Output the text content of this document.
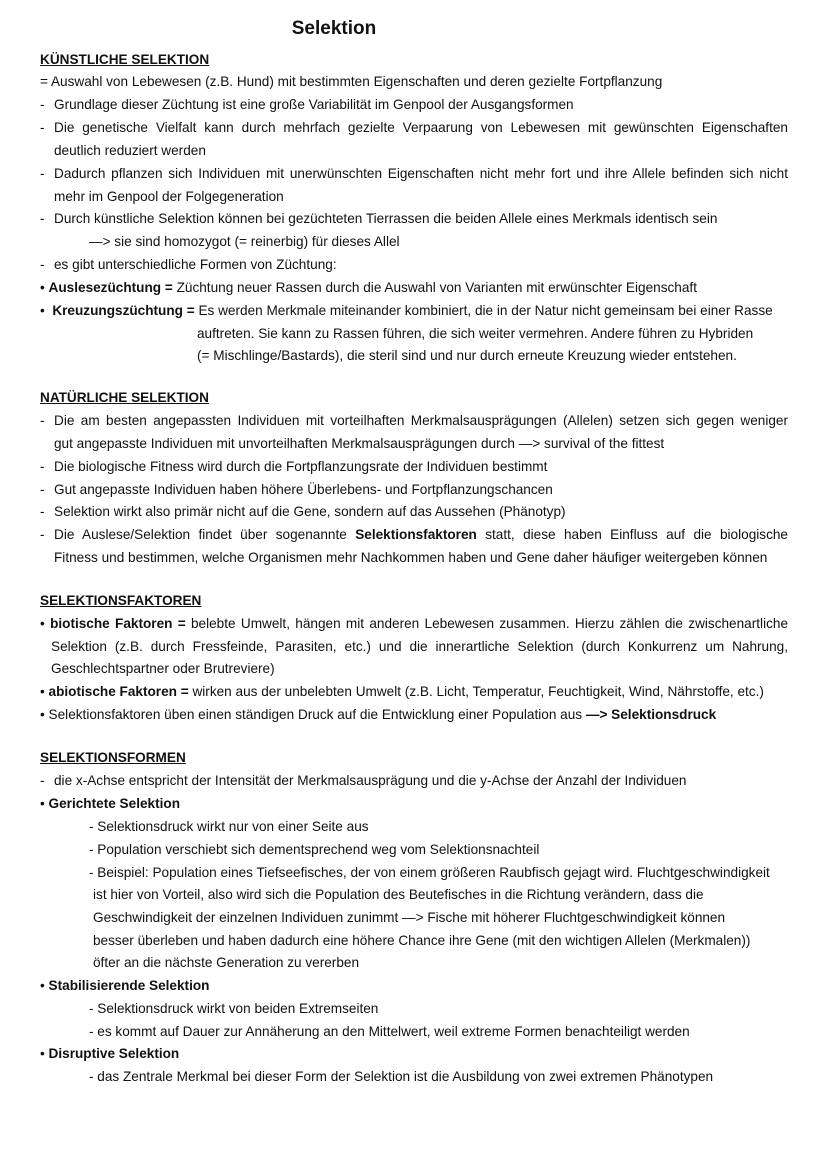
Selektion
KÜNSTLICHE SELEKTION
= Auswahl von Lebewesen (z.B. Hund) mit bestimmten Eigenschaften und deren gezielte Fortpflanzung
- Grundlage dieser Züchtung ist eine große Variabilität im Genpool der Ausgangsformen
- Die genetische Vielfalt kann durch mehrfach gezielte Verpaarung von Lebewesen mit gewünschten Eigenschaften
deutlich reduziert werden
- Dadurch pflanzen sich Individuen mit unerwünschten Eigenschaften nicht mehr fort und ihre Allele befinden sich nicht
mehr im Genpool der Folgegeneration
- Durch künstliche Selektion können bei gezüchteten Tierrassen die beiden Allele eines Merkmals identisch sein
—> sie sind homozygot (= reinerbig) für dieses Allel
- es gibt unterschiedliche Formen von Züchtung:
• Auslesezüchtung = Züchtung neuer Rassen durch die Auswahl von Varianten mit erwünschter Eigenschaft
• Kreuzungszüchtung = Es werden Merkmale miteinander kombiniert, die in der Natur nicht gemeinsam bei einer Rasse
auftreten. Sie kann zu Rassen führen, die sich weiter vermehren. Andere führen zu Hybriden
(= Mischlinge/Bastards), die steril sind und nur durch erneute Kreuzung wieder entstehen.
NATÜRLICHE SELEKTION
- Die am besten angepassten Individuen mit vorteilhaften Merkmalsausprägungen (Allelen) setzen sich gegen weniger
gut angepasste Individuen mit unvorteilhaften Merkmalsausprägungen durch —> survival of the fittest
- Die biologische Fitness wird durch die Fortpflanzungsrate der Individuen bestimmt
- Gut angepasste Individuen haben höhere Überlebens- und Fortpflanzungschancen
- Selektion wirkt also primär nicht auf die Gene, sondern auf das Aussehen (Phänotyp)
- Die Auslese/Selektion findet über sogenannte Selektionsfaktoren statt, diese haben Einfluss auf die biologische
Fitness und bestimmen, welche Organismen mehr Nachkommen haben und Gene daher häufiger weitergeben können
SELEKTIONSFAKTOREN
• biotische Faktoren = belebte Umwelt, hängen mit anderen Lebewesen zusammen. Hierzu zählen die zwischenartliche
Selektion (z.B. durch Fressfeinde, Parasiten, etc.) und die innerartliche Selektion (durch Konkurrenz um Nahrung,
Geschlechtspartner oder Brutreviere)
• abiotische Faktoren = wirken aus der unbelebten Umwelt (z.B. Licht, Temperatur, Feuchtigkeit, Wind, Nährstoffe, etc.)
• Selektionsfaktoren üben einen ständigen Druck auf die Entwicklung einer Population aus —> Selektionsdruck
SELEKTIONSFORMEN
- die x-Achse entspricht der Intensität der Merkmalsausprägung und die y-Achse der Anzahl der Individuen
• Gerichtete Selektion
- Selektionsdruck wirkt nur von einer Seite aus
- Population verschiebt sich dementsprechend weg vom Selektionsnachteil
- Beispiel: Population eines Tiefseefisches, der von einem größeren Raubfisch gejagt wird. Fluchtgeschwindigkeit
ist hier von Vorteil, also wird sich die Population des Beutefisches in die Richtung verändern, dass die
Geschwindigkeit der einzelnen Individuen zunimmt —> Fische mit höherer Fluchtgeschwindigkeit können
besser überleben und haben dadurch eine höhere Chance ihre Gene (mit den wichtigen Allelen (Merkmalen))
öfter an die nächste Generation zu vererben
• Stabilisierende Selektion
- Selektionsdruck wirkt von beiden Extremseiten
- es kommt auf Dauer zur Annäherung an den Mittelwert, weil extreme Formen benachteiligt werden
• Disruptive Selektion
- das Zentrale Merkmal bei dieser Form der Selektion ist die Ausbildung von zwei extremen Phänotypen
